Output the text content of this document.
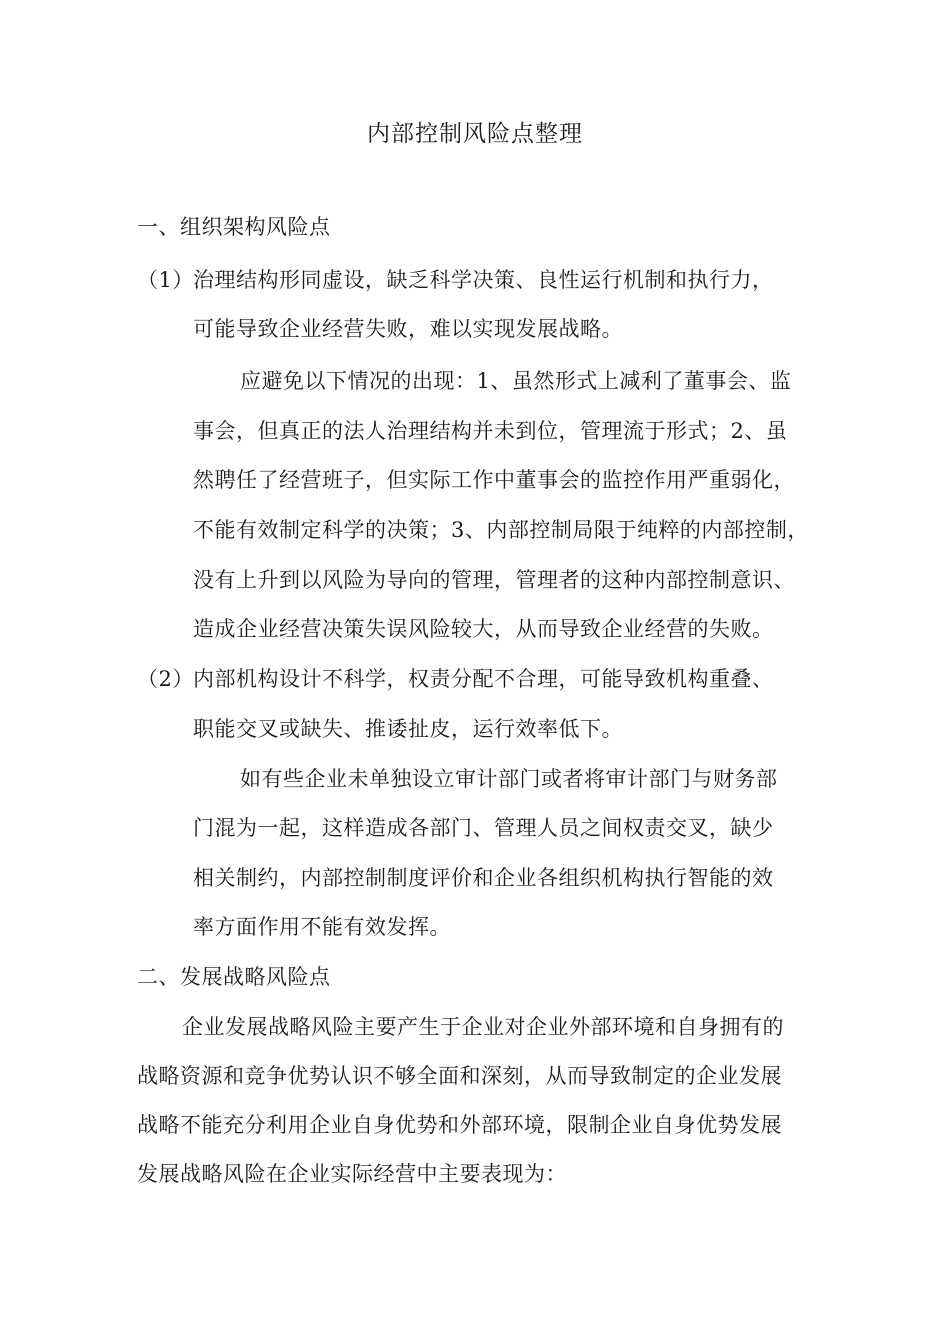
内部控制风险点整理
一、组织架构风险点
（1） 治理结构形同虚设，缺乏科学决策、良性运行机制和执行力，
可能导致企业经营失败，难以实现发展战略。
应避免以下情况的出现：1、虽然形式上减利了董事会、监
事会，但真正的法人治理结构并未到位，管理流于形式；2、虽
然聘任了经营班子，但实际工作中董事会的监控作用严重弱化，
不能有效制定科学的决策；3、内部控制局限于纯粹的内部控制，
没有上升到以风险为导向的管理，管理者的这种内部控制意识、
造成企业经营决策失误风险较大，从而导致企业经营的失败。
（2） 内部机构设计不科学，权责分配不合理，可能导致机构重叠、
职能交叉或缺失、推诿扯皮，运行效率低下。
如有些企业未单独设立审计部门或者将审计部门与财务部
门混为一起，这样造成各部门、管理人员之间权责交叉，缺少
相关制约，内部控制制度评价和企业各组织机构执行智能的效
率方面作用不能有效发挥。
二、发展战略风险点
企业发展战略风险主要产生于企业对企业外部环境和自身拥有的
战略资源和竞争优势认识不够全面和深刻，从而导致制定的企业发展
战略不能充分利用企业自身优势和外部环境，限制企业自身优势发展
发展战略风险在企业实际经营中主要表现为：
